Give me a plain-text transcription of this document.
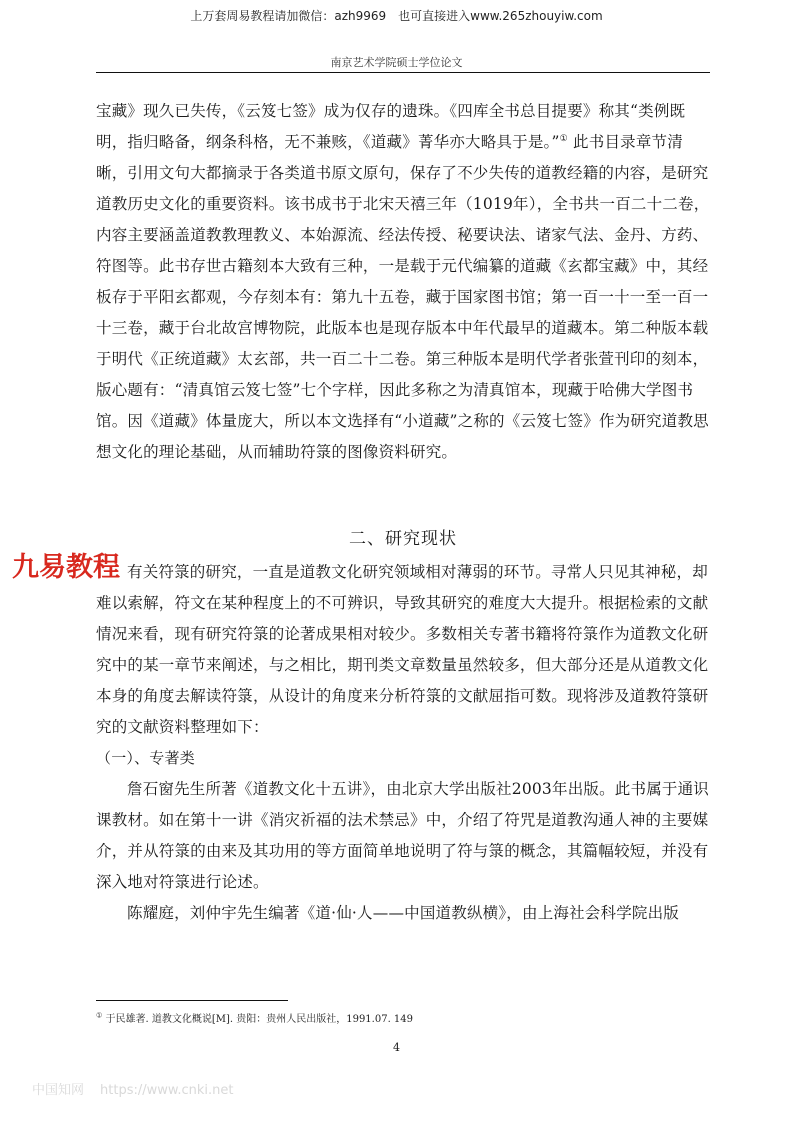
上万套周易教程请加微信：azh9969　也可直接进入www.265zhouyiw.com
南京艺术学院硕士学位论文

宝藏》现久已失传，《云笈七签》成为仅存的遗珠。《四库全书总目提要》称其“类例既明，指归略备，纲条科格，无不兼赅，《道藏》菁华亦大略具于是。”① 此书目录章节清晰，引用文句大都摘录于各类道书原文原句，保存了不少失传的道教经籍的内容，是研究道教历史文化的重要资料。该书成书于北宋天禧三年（1019年），全书共一百二十二卷，内容主要涵盖道教教理教义、本始源流、经法传授、秘要诀法、诸家气法、金丹、方药、符图等。此书存世古籍刻本大致有三种，一是载于元代编纂的道藏《玄都宝藏》中，其经板存于平阳玄都观，今存刻本有：第九十五卷，藏于国家图书馆；第一百一十一至一百一十三卷，藏于台北故宫博物院，此版本也是现存版本中年代最早的道藏本。第二种版本载于明代《正统道藏》太玄部，共一百二十二卷。第三种版本是明代学者张萱刊印的刻本，版心题有：“清真馆云笈七签”七个字样，因此多称之为清真馆本，现藏于哈佛大学图书馆。因《道藏》体量庞大，所以本文选择有“小道藏”之称的《云笈七签》作为研究道教思想文化的理论基础，从而辅助符箓的图像资料研究。

二、研究现状

有关符箓的研究，一直是道教文化研究领域相对薄弱的环节。寻常人只见其神秘，却难以索解，符文在某种程度上的不可辨识，导致其研究的难度大大提升。根据检索的文献情况来看，现有研究符箓的论著成果相对较少。多数相关专著书籍将符箓作为道教文化研究中的某一章节来阐述，与之相比，期刊类文章数量虽然较多，但大部分还是从道教文化本身的角度去解读符箓，从设计的角度来分析符箓的文献屈指可数。现将涉及道教符箓研究的文献资料整理如下：

（一）、专著类

詹石窗先生所著《道教文化十五讲》，由北京大学出版社2003年出版。此书属于通识课教材。如在第十一讲《消灾祈福的法术禁忌》中，介绍了符咒是道教沟通人神的主要媒介，并从符箓的由来及其功用的等方面简单地说明了符与箓的概念，其篇幅较短，并没有深入地对符箓进行论述。

陈耀庭，刘仲宇先生编著《道·仙·人——中国道教纵横》，由上海社会科学院出版

① 于民雄著. 道教文化概说[M]. 贵阳：贵州人民出版社，1991.07. 149
4
九易教程
中国知网 https://www.cnki.net
